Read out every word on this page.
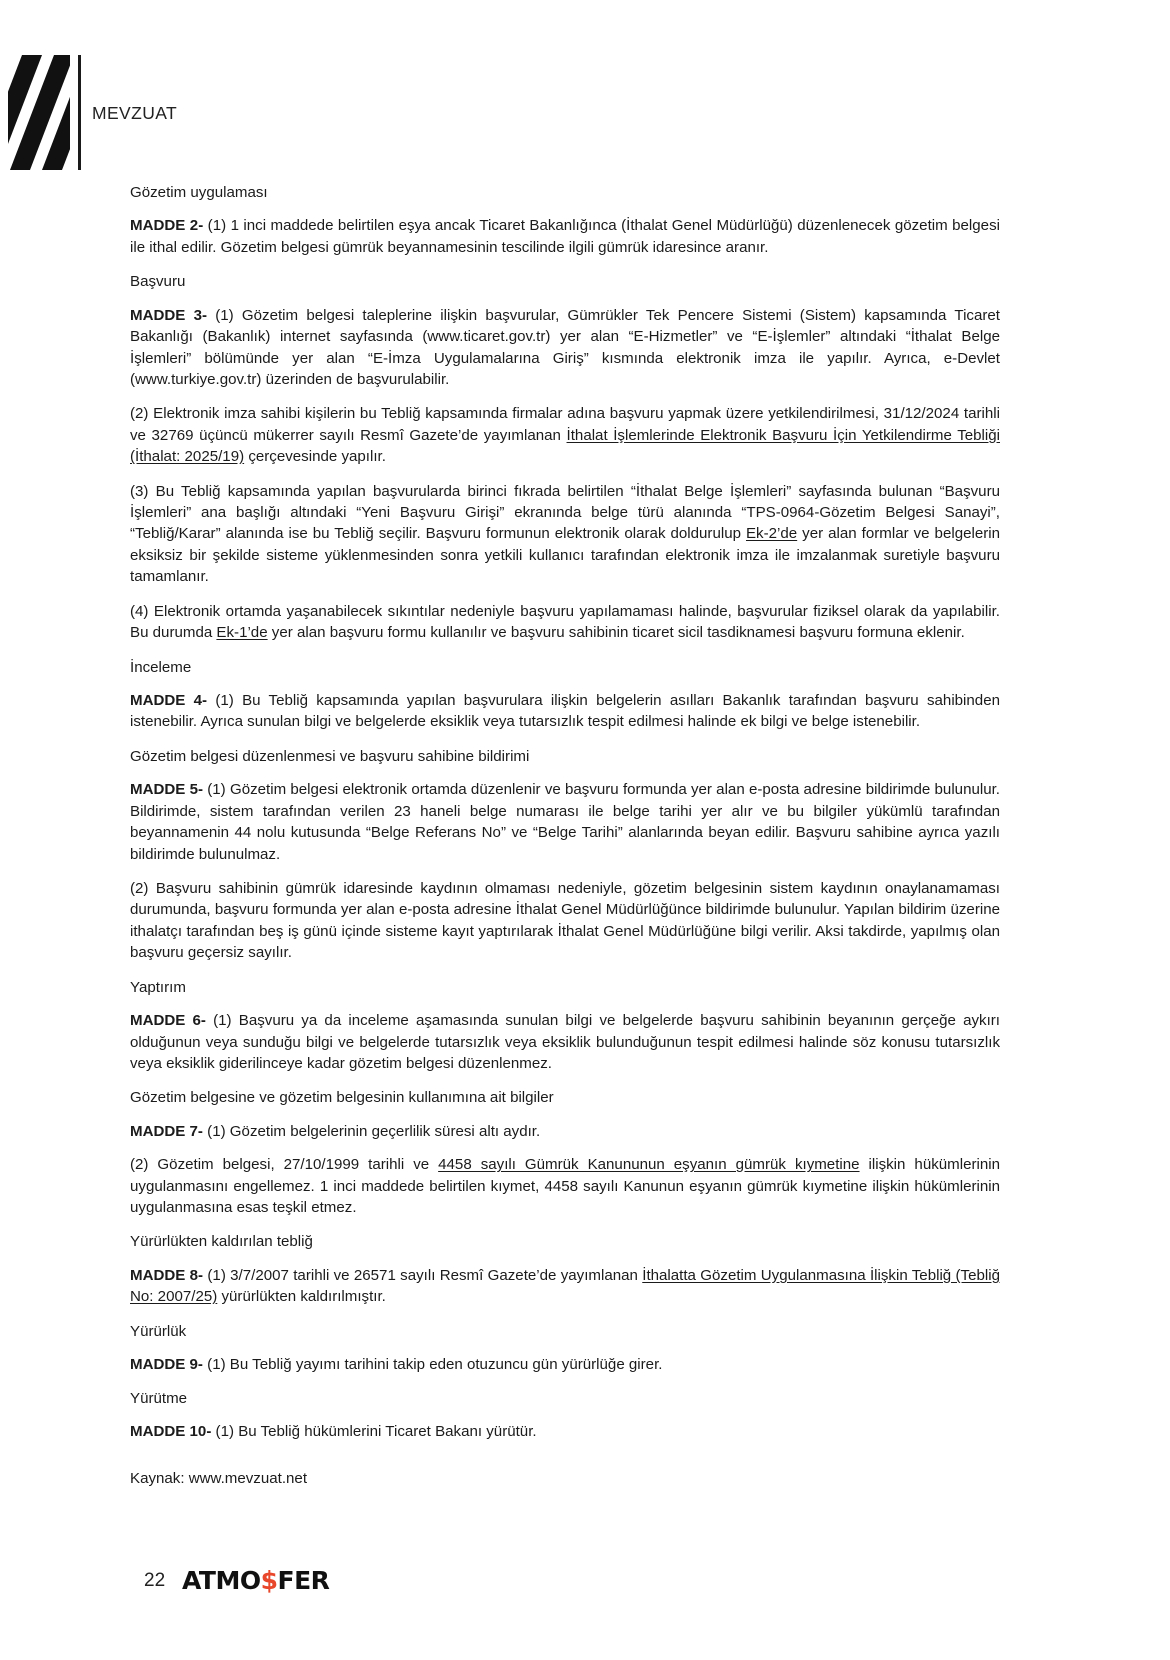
MEVZUAT

Gözetim uygulaması

MADDE 2- (1) 1 inci maddede belirtilen eşya ancak Ticaret Bakanlığınca (İthalat Genel Müdürlüğü) düzenlenecek gözetim belgesi ile ithal edilir. Gözetim belgesi gümrük beyannamesinin tescilinde ilgili gümrük idaresince aranır.

Başvuru

MADDE 3- (1) Gözetim belgesi taleplerine ilişkin başvurular, Gümrükler Tek Pencere Sistemi (Sistem) kapsamında Ticaret Bakanlığı (Bakanlık) internet sayfasında (www.ticaret.gov.tr) yer alan “E-Hizmetler” ve “E-İşlemler” altındaki “İthalat Belge İşlemleri” bölümünde yer alan “E-İmza Uygulamalarına Giriş” kısmında elektronik imza ile yapılır. Ayrıca, e-Devlet (www.turkiye.gov.tr) üzerinden de başvurulabilir.

(2) Elektronik imza sahibi kişilerin bu Tebliğ kapsamında firmalar adına başvuru yapmak üzere yetkilendirilmesi, 31/12/2024 tarihli ve 32769 üçüncü mükerrer sayılı Resmî Gazete’de yayımlanan İthalat İşlemlerinde Elektronik Başvuru İçin Yetkilendirme Tebliği (İthalat: 2025/19) çerçevesinde yapılır.

(3) Bu Tebliğ kapsamında yapılan başvurularda birinci fıkrada belirtilen “İthalat Belge İşlemleri” sayfasında bulunan “Başvuru İşlemleri” ana başlığı altındaki “Yeni Başvuru Girişi” ekranında belge türü alanında “TPS-0964-Gözetim Belgesi Sanayi”, “Tebliğ/Karar” alanında ise bu Tebliğ seçilir. Başvuru formunun elektronik olarak doldurulup Ek-2’de yer alan formlar ve belgelerin eksiksiz bir şekilde sisteme yüklenmesinden sonra yetkili kullanıcı tarafından elektronik imza ile imzalanmak suretiyle başvuru tamamlanır.

(4) Elektronik ortamda yaşanabilecek sıkıntılar nedeniyle başvuru yapılamaması halinde, başvurular fiziksel olarak da yapılabilir. Bu durumda Ek-1’de yer alan başvuru formu kullanılır ve başvuru sahibinin ticaret sicil tasdiknamesi başvuru formuna eklenir.

İnceleme

MADDE 4- (1) Bu Tebliğ kapsamında yapılan başvurulara ilişkin belgelerin asılları Bakanlık tarafından başvuru sahibinden istenebilir. Ayrıca sunulan bilgi ve belgelerde eksiklik veya tutarsızlık tespit edilmesi halinde ek bilgi ve belge istenebilir.

Gözetim belgesi düzenlenmesi ve başvuru sahibine bildirimi

MADDE 5- (1) Gözetim belgesi elektronik ortamda düzenlenir ve başvuru formunda yer alan e-posta adresine bildirimde bulunulur. Bildirimde, sistem tarafından verilen 23 haneli belge numarası ile belge tarihi yer alır ve bu bilgiler yükümlü tarafından beyannamenin 44 nolu kutusunda “Belge Referans No” ve “Belge Tarihi” alanlarında beyan edilir. Başvuru sahibine ayrıca yazılı bildirimde bulunulmaz.

(2) Başvuru sahibinin gümrük idaresinde kaydının olmaması nedeniyle, gözetim belgesinin sistem kaydının onaylanamaması durumunda, başvuru formunda yer alan e-posta adresine İthalat Genel Müdürlüğünce bildirimde bulunulur. Yapılan bildirim üzerine ithalatçı tarafından beş iş günü içinde sisteme kayıt yaptırılarak İthalat Genel Müdürlüğüne bilgi verilir. Aksi takdirde, yapılmış olan başvuru geçersiz sayılır.

Yaptırım

MADDE 6- (1) Başvuru ya da inceleme aşamasında sunulan bilgi ve belgelerde başvuru sahibinin beyanının gerçeğe aykırı olduğunun veya sunduğu bilgi ve belgelerde tutarsızlık veya eksiklik bulunduğunun tespit edilmesi halinde söz konusu tutarsızlık veya eksiklik giderilinceye kadar gözetim belgesi düzenlenmez.

Gözetim belgesine ve gözetim belgesinin kullanımına ait bilgiler

MADDE 7- (1) Gözetim belgelerinin geçerlilik süresi altı aydır.

(2) Gözetim belgesi, 27/10/1999 tarihli ve 4458 sayılı Gümrük Kanununun eşyanın gümrük kıymetine ilişkin hükümlerinin uygulanmasını engellemez. 1 inci maddede belirtilen kıymet, 4458 sayılı Kanunun eşyanın gümrük kıymetine ilişkin hükümlerinin uygulanmasına esas teşkil etmez.

Yürürlükten kaldırılan tebliğ

MADDE 8- (1) 3/7/2007 tarihli ve 26571 sayılı Resmî Gazete’de yayımlanan İthalatta Gözetim Uygulanmasına İlişkin Tebliğ (Tebliğ No: 2007/25) yürürlükten kaldırılmıştır.

Yürürlük

MADDE 9- (1) Bu Tebliğ yayımı tarihini takip eden otuzuncu gün yürürlüğe girer.

Yürütme

MADDE 10- (1) Bu Tebliğ hükümlerini Ticaret Bakanı yürütür.

Kaynak: www.mevzuat.net
22 ATMO$FER
